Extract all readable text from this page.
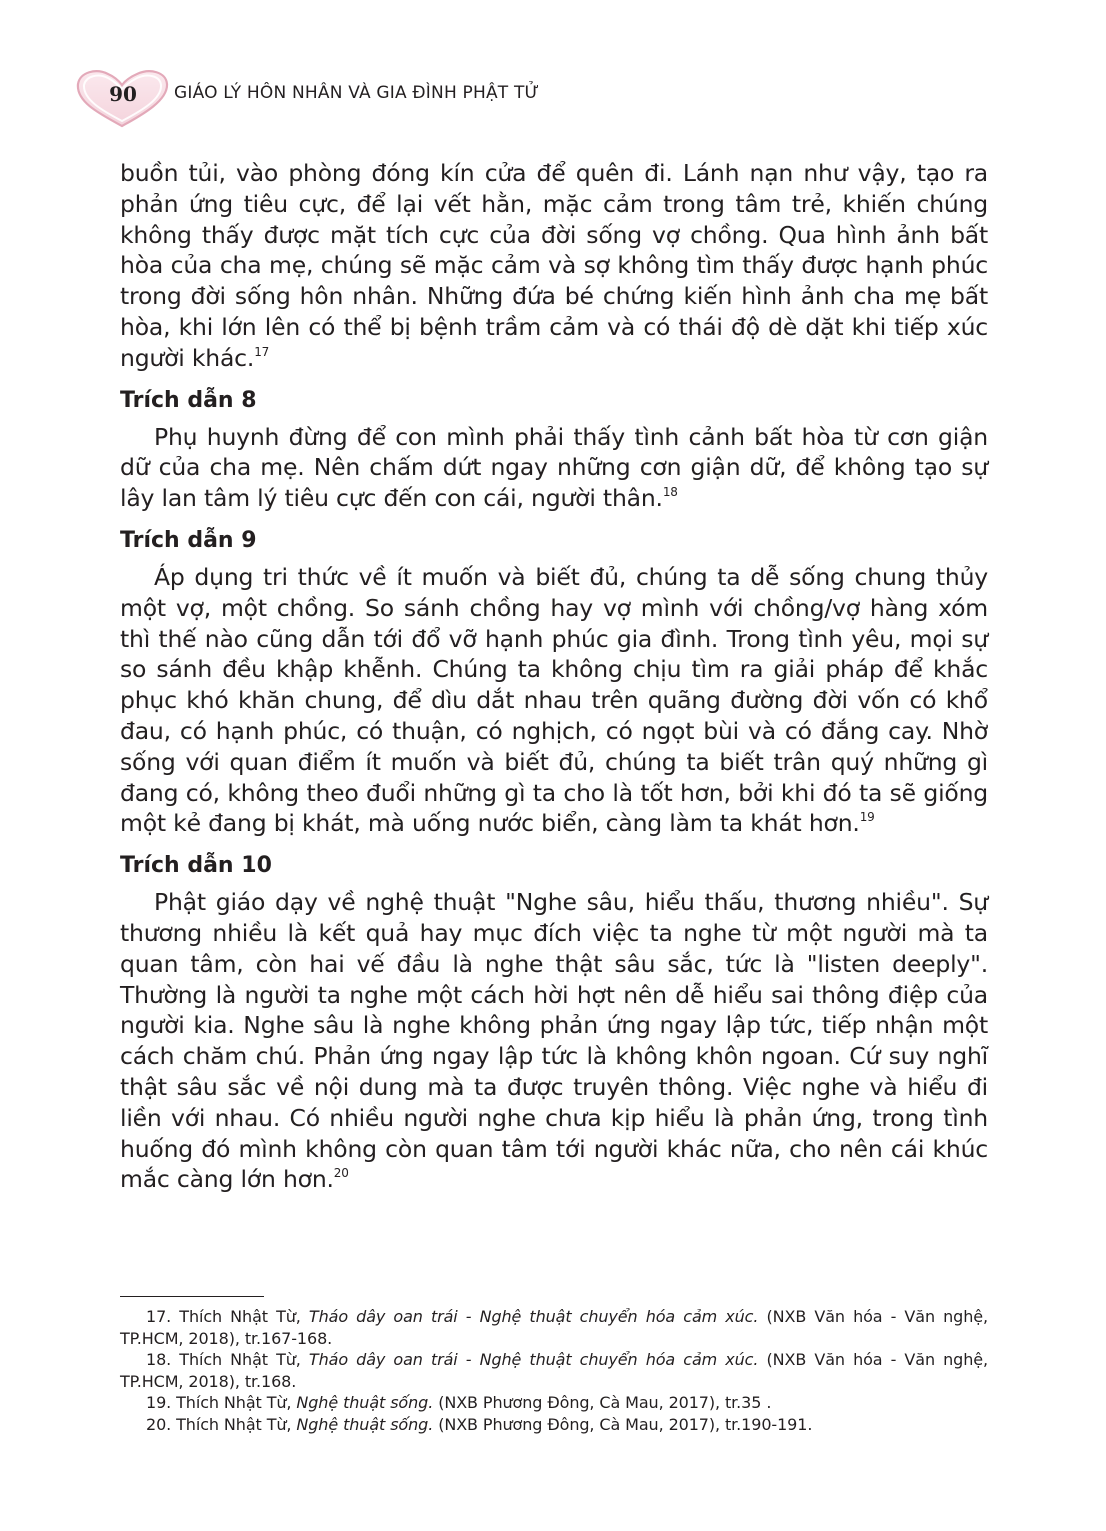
90	GIÁO LÝ HÔN NHÂN VÀ GIA ĐÌNH PHẬT TỬ

buồn tủi, vào phòng đóng kín cửa để quên đi. Lánh nạn như vậy, tạo ra phản ứng tiêu cực, để lại vết hằn, mặc cảm trong tâm trẻ, khiến chúng không thấy được mặt tích cực của đời sống vợ chồng. Qua hình ảnh bất hòa của cha mẹ, chúng sẽ mặc cảm và sợ không tìm thấy được hạnh phúc trong đời sống hôn nhân. Những đứa bé chứng kiến hình ảnh cha mẹ bất hòa, khi lớn lên có thể bị bệnh trầm cảm và có thái độ dè dặt khi tiếp xúc người khác.$^{17}$

Trích dẫn 8

Phụ huynh đừng để con mình phải thấy tình cảnh bất hòa từ cơn giận dữ của cha mẹ. Nên chấm dứt ngay những cơn giận dữ, để không tạo sự lây lan tâm lý tiêu cực đến con cái, người thân.$^{18}$

Trích dẫn 9

Áp dụng tri thức về ít muốn và biết đủ, chúng ta dễ sống chung thủy một vợ, một chồng. So sánh chồng hay vợ mình với chồng/vợ hàng xóm thì thế nào cũng dẫn tới đổ vỡ hạnh phúc gia đình. Trong tình yêu, mọi sự so sánh đều khập khễnh. Chúng ta không chịu tìm ra giải pháp để khắc phục khó khăn chung, để dìu dắt nhau trên quãng đường đời vốn có khổ đau, có hạnh phúc, có thuận, có nghịch, có ngọt bùi và có đắng cay. Nhờ sống với quan điểm ít muốn và biết đủ, chúng ta biết trân quý những gì đang có, không theo đuổi những gì ta cho là tốt hơn, bởi khi đó ta sẽ giống một kẻ đang bị khát, mà uống nước biển, càng làm ta khát hơn.$^{19}$

Trích dẫn 10

Phật giáo dạy về nghệ thuật "Nghe sâu, hiểu thấu, thương nhiều". Sự thương nhiều là kết quả hay mục đích việc ta nghe từ một người mà ta quan tâm, còn hai vế đầu là nghe thật sâu sắc, tức là "listen deeply". Thường là người ta nghe một cách hời hợt nên dễ hiểu sai thông điệp của người kia. Nghe sâu là nghe không phản ứng ngay lập tức, tiếp nhận một cách chăm chú. Phản ứng ngay lập tức là không khôn ngoan. Cứ suy nghĩ thật sâu sắc về nội dung mà ta được truyên thông. Việc nghe và hiểu đi liền với nhau. Có nhiều người nghe chưa kịp hiểu là phản ứng, trong tình huống đó mình không còn quan tâm tới người khác nữa, cho nên cái khúc mắc càng lớn hơn.$^{20}$

17. Thích Nhật Từ, Tháo dây oan trái - Nghệ thuật chuyển hóa cảm xúc. (NXB Văn hóa - Văn nghệ, TP.HCM, 2018), tr.167-168.

18. Thích Nhật Từ, Tháo dây oan trái - Nghệ thuật chuyển hóa cảm xúc. (NXB Văn hóa - Văn nghệ, TP.HCM, 2018), tr.168.

19. Thích Nhật Từ, Nghệ thuật sống. (NXB Phương Đông, Cà Mau, 2017), tr.35 .

20. Thích Nhật Từ, Nghệ thuật sống. (NXB Phương Đông, Cà Mau, 2017), tr.190-191.
